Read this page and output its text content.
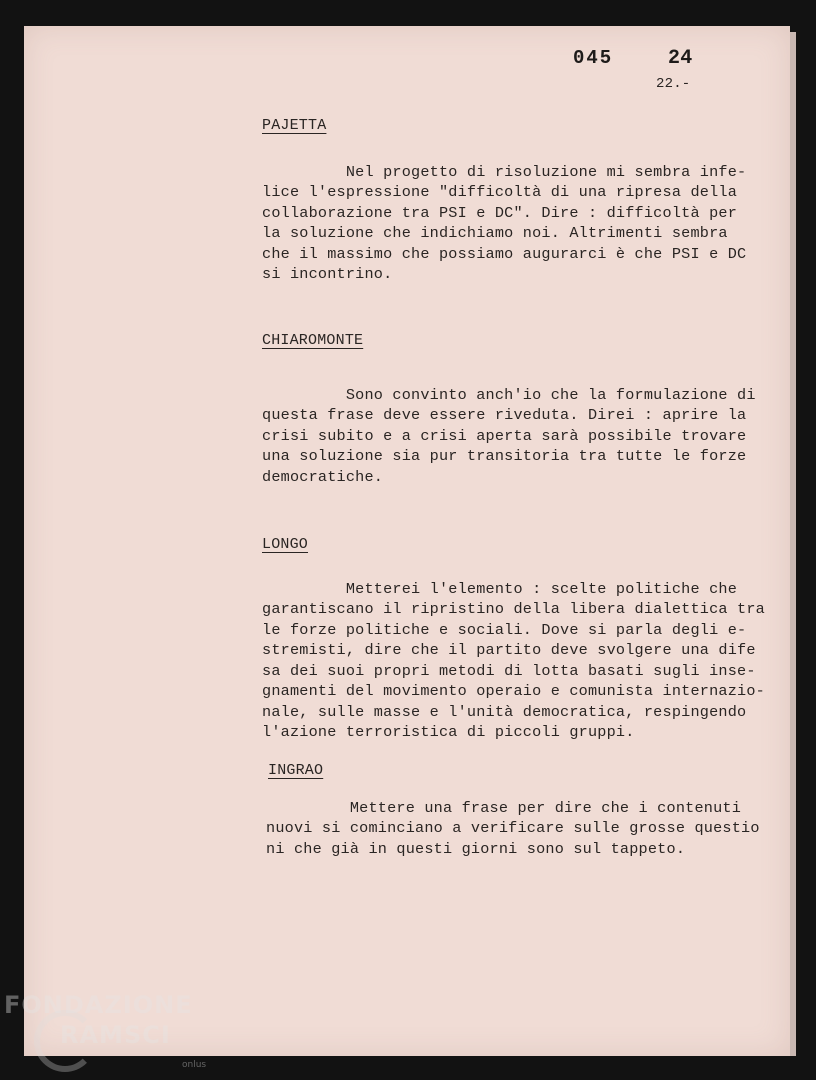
045	24
22.-
PAJETTA

Nel progetto di risoluzione mi sembra infe-
lice l'espressione "difficoltà di una ripresa della
collaborazione tra PSI e DC". Dire : difficoltà per
la soluzione che indichiamo noi. Altrimenti sembra
che il massimo che possiamo augurarci è che PSI e DC
si incontrino.

CHIAROMONTE

Sono convinto anch'io che la formulazione di
questa frase deve essere riveduta. Direi : aprire la
crisi subito e a crisi aperta sarà possibile trovare
una soluzione sia pur transitoria tra tutte le forze
democratiche.

LONGO

Metterei l'elemento : scelte politiche che
garantiscano il ripristino della libera dialettica tra
le forze politiche e sociali. Dove si parla degli e-
stremisti, dire che il partito deve svolgere una dife
sa dei suoi propri metodi di lotta basati sugli inse-
gnamenti del movimento operaio e comunista internazio-
nale, sulle masse e l'unità democratica, respingendo
l'azione terroristica di piccoli gruppi.

INGRAO

Mettere una frase per dire che i contenuti
nuovi si cominciano a verificare sulle grosse questio
ni che già in questi giorni sono sul tappeto.

FONDAZIONE
RAMSCI
onlus
